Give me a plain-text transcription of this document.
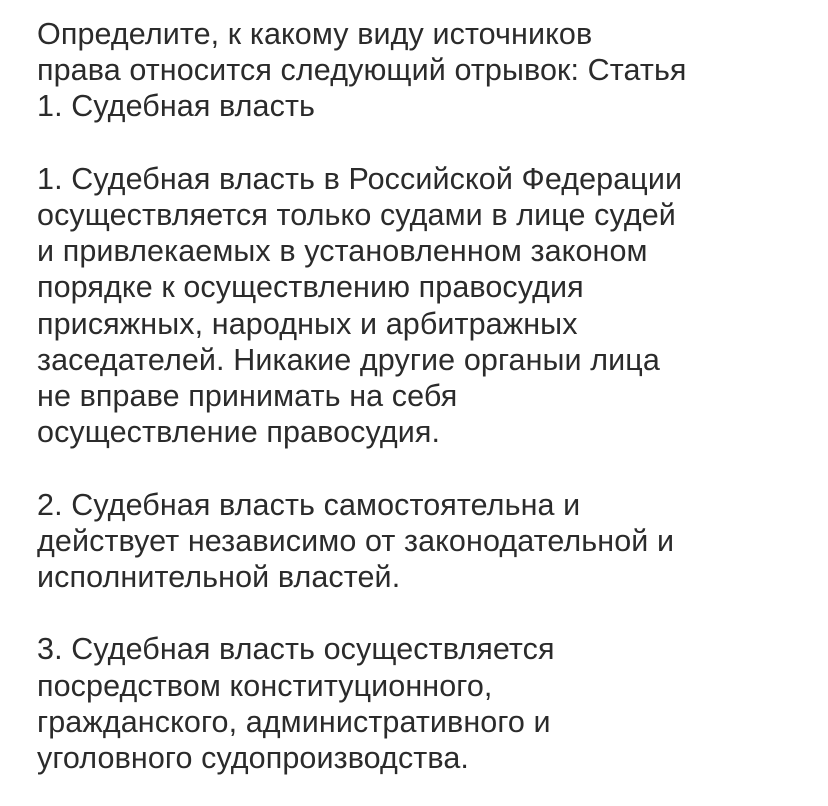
Определите, к какому виду источников
права относится следующий отрывок: Статья
1. Судебная власть
1. Судебная власть в Российской Федерации
осуществляется только судами в лице судей
и привлекаемых в установленном законом
порядке к осуществлению правосудия
присяжных, народных и арбитражных
заседателей. Никакие другие органыи лица
не вправе принимать на себя
осуществление правосудия.
2. Судебная власть самостоятельна и
действует независимо от законодательной и
исполнительной властей.
3. Судебная власть осуществляется
посредством конституционного,
гражданского, административного и
уголовного судопроизводства.
